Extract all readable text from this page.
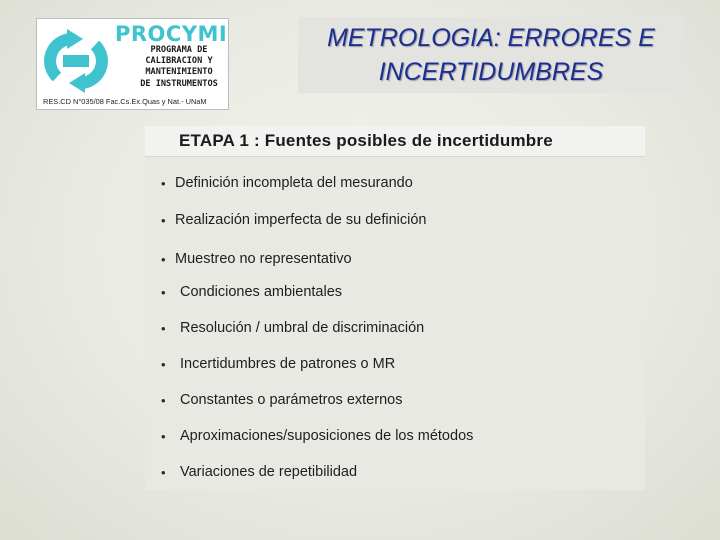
PROCYMI
PROGRAMA DE
CALIBRACION Y
MANTENIMIENTO
DE INSTRUMENTOS
RES.CD N°035/08 Fac.Cs.Ex.Quas y Nat.- UNaM
METROLOGIA: ERRORES E
INCERTIDUMBRES
ETAPA 1 : Fuentes posibles de incertidumbre
• Definición incompleta del mesurando
• Realización imperfecta de su definición
• Muestreo no representativo
• Condiciones ambientales
• Resolución / umbral de discriminación
• Incertidumbres de patrones o MR
• Constantes o parámetros externos
• Aproximaciones/suposiciones de los métodos
• Variaciones de repetibilidad
